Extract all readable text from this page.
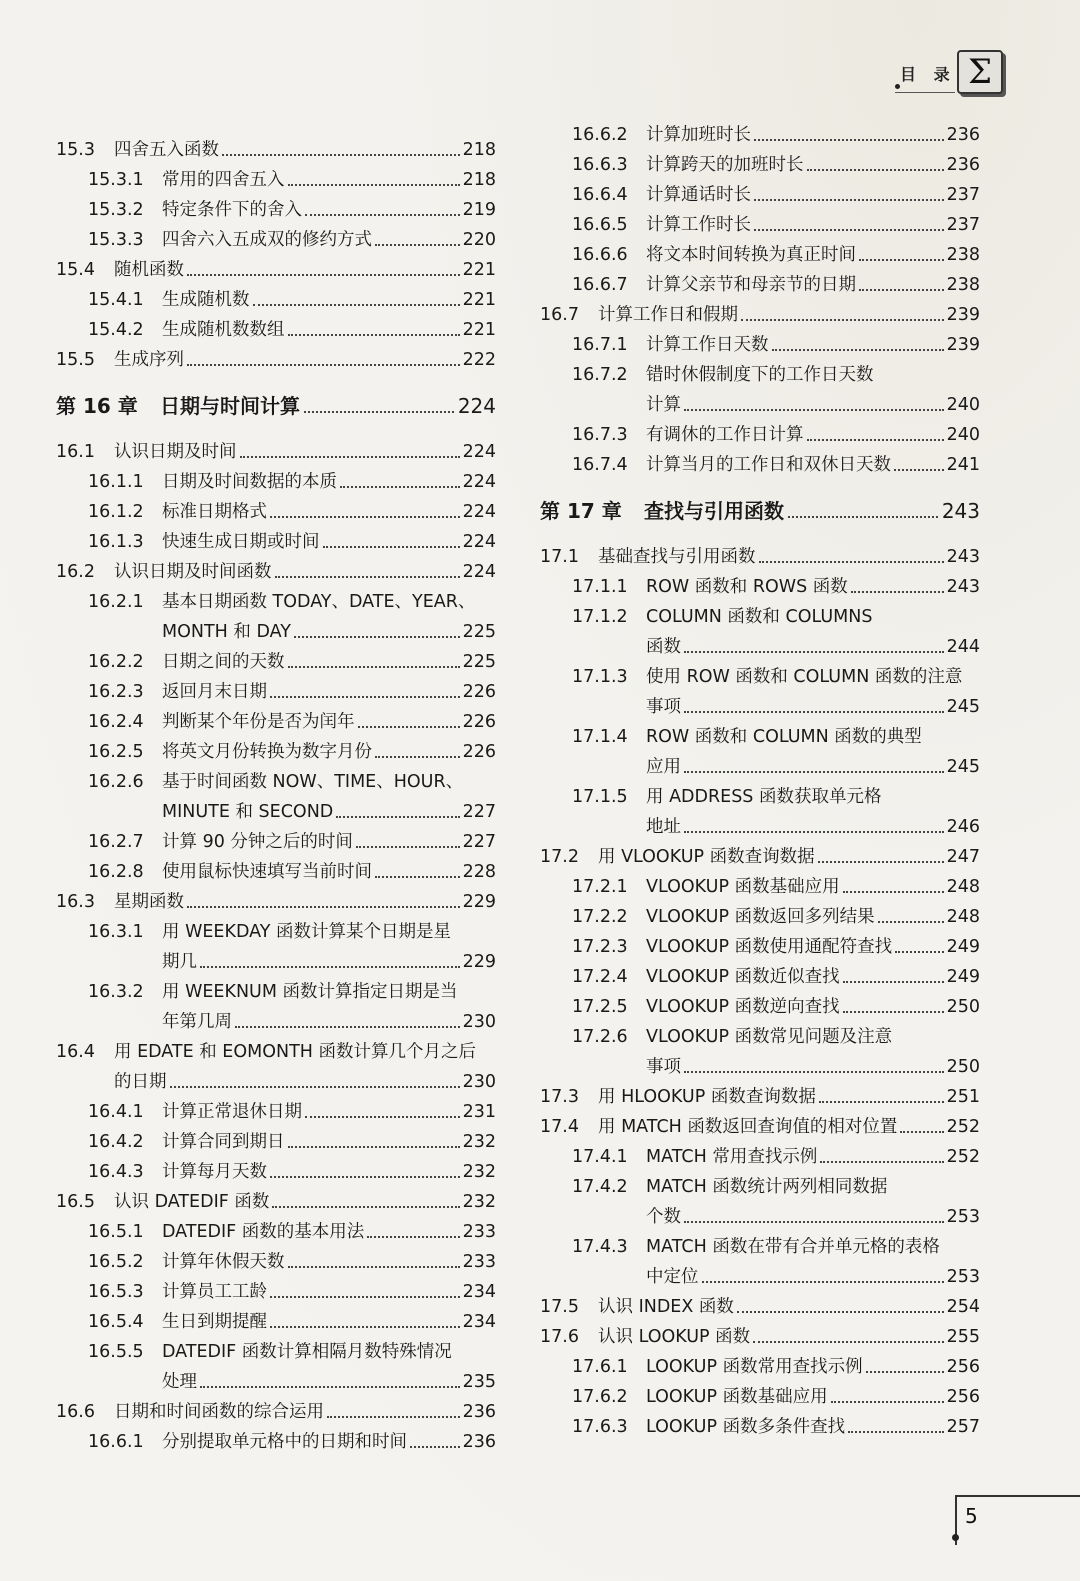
目 录 Σ
15.3	四舍五入函数	218
15.3.1	常用的四舍五入	218
15.3.2	特定条件下的舍入	219
15.3.3	四舍六入五成双的修约方式	220
15.4	随机函数	221
15.4.1	生成随机数	221
15.4.2	生成随机数数组	221
15.5	生成序列	222
第 16 章	日期与时间计算	224
16.1	认识日期及时间	224
16.1.1	日期及时间数据的本质	224
16.1.2	标准日期格式	224
16.1.3	快速生成日期或时间	224
16.2	认识日期及时间函数	224
16.2.1	基本日期函数 TODAY、DATE、YEAR、
MONTH 和 DAY	225
16.2.2	日期之间的天数	225
16.2.3	返回月末日期	226
16.2.4	判断某个年份是否为闰年	226
16.2.5	将英文月份转换为数字月份	226
16.2.6	基于时间函数 NOW、TIME、HOUR、
MINUTE 和 SECOND	227
16.2.7	计算 90 分钟之后的时间	227
16.2.8	使用鼠标快速填写当前时间	228
16.3	星期函数	229
16.3.1	用 WEEKDAY 函数计算某个日期是星
期几	229
16.3.2	用 WEEKNUM 函数计算指定日期是当
年第几周	230
16.4	用 EDATE 和 EOMONTH 函数计算几个月之后
的日期	230
16.4.1	计算正常退休日期	231
16.4.2	计算合同到期日	232
16.4.3	计算每月天数	232
16.5	认识 DATEDIF 函数	232
16.5.1	DATEDIF 函数的基本用法	233
16.5.2	计算年休假天数	233
16.5.3	计算员工工龄	234
16.5.4	生日到期提醒	234
16.5.5	DATEDIF 函数计算相隔月数特殊情况
处理	235
16.6	日期和时间函数的综合运用	236
16.6.1	分别提取单元格中的日期和时间	236
16.6.2	计算加班时长	236
16.6.3	计算跨天的加班时长	236
16.6.4	计算通话时长	237
16.6.5	计算工作时长	237
16.6.6	将文本时间转换为真正时间	238
16.6.7	计算父亲节和母亲节的日期	238
16.7	计算工作日和假期	239
16.7.1	计算工作日天数	239
16.7.2	错时休假制度下的工作日天数
计算	240
16.7.3	有调休的工作日计算	240
16.7.4	计算当月的工作日和双休日天数	241
第 17 章	查找与引用函数	243
17.1	基础查找与引用函数	243
17.1.1	ROW 函数和 ROWS 函数	243
17.1.2	COLUMN 函数和 COLUMNS
函数	244
17.1.3	使用 ROW 函数和 COLUMN 函数的注意
事项	245
17.1.4	ROW 函数和 COLUMN 函数的典型
应用	245
17.1.5	用 ADDRESS 函数获取单元格
地址	246
17.2	用 VLOOKUP 函数查询数据	247
17.2.1	VLOOKUP 函数基础应用	248
17.2.2	VLOOKUP 函数返回多列结果	248
17.2.3	VLOOKUP 函数使用通配符查找	249
17.2.4	VLOOKUP 函数近似查找	249
17.2.5	VLOOKUP 函数逆向查找	250
17.2.6	VLOOKUP 函数常见问题及注意
事项	250
17.3	用 HLOOKUP 函数查询数据	251
17.4	用 MATCH 函数返回查询值的相对位置	252
17.4.1	MATCH 常用查找示例	252
17.4.2	MATCH 函数统计两列相同数据
个数	253
17.4.3	MATCH 函数在带有合并单元格的表格
中定位	253
17.5	认识 INDEX 函数	254
17.6	认识 LOOKUP 函数	255
17.6.1	LOOKUP 函数常用查找示例	256
17.6.2	LOOKUP 函数基础应用	256
17.6.3	LOOKUP 函数多条件查找	257
5
